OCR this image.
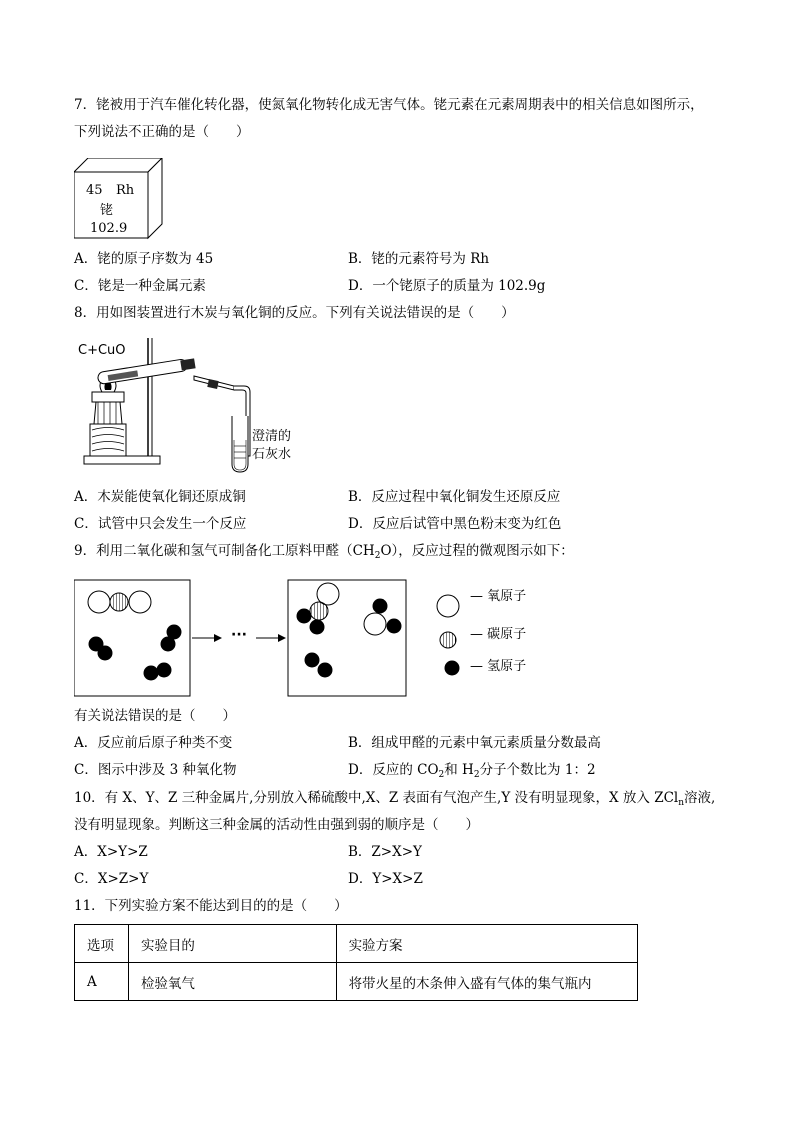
7．铑被用于汽车催化转化器，使氮氧化物转化成无害气体。铑元素在元素周期表中的相关信息如图所示，
下列说法不正确的是（　　）
45 Rh
铑
102.9
A．铑的原子序数为 45	B．铑的元素符号为 Rh
C．铑是一种金属元素	D．一个铑原子的质量为 102.9g
8．用如图装置进行木炭与氧化铜的反应。下列有关说法错误的是（　　）
C+CuO
澄清的
石灰水
A．木炭能使氧化铜还原成铜	B．反应过程中氧化铜发生还原反应
C．试管中只会发生一个反应	D．反应后试管中黑色粉末变为红色
9．利用二氧化碳和氢气可制备化工原料甲醛$(CH_2O)$，反应过程的微观图示如下：
···
— 氧原子
— 碳原子
— 氢原子
有关说法错误的是（　　）
A．反应前后原子种类不变	B．组成甲醛的元素中氧元素质量分数最高
C．图示中涉及 3 种氧化物	D．反应的 $CO_2$和 $H_2$分子个数比为 1：2
10．有 X、Y、Z 三种金属片,分别放入稀硫酸中,X、Z 表面有气泡产生,Y 没有明显现象，X 放入 ZCl$_n$溶液,
没有明显现象。判断这三种金属的活动性由强到弱的顺序是（　　）
A．X>Y>Z	B．Z>X>Y
C．X>Z>Y	D．Y>X>Z
11．下列实验方案不能达到目的的是（　　）
选项	实验目的	实验方案
A	检验氧气	将带火星的木条伸入盛有气体的集气瓶内
